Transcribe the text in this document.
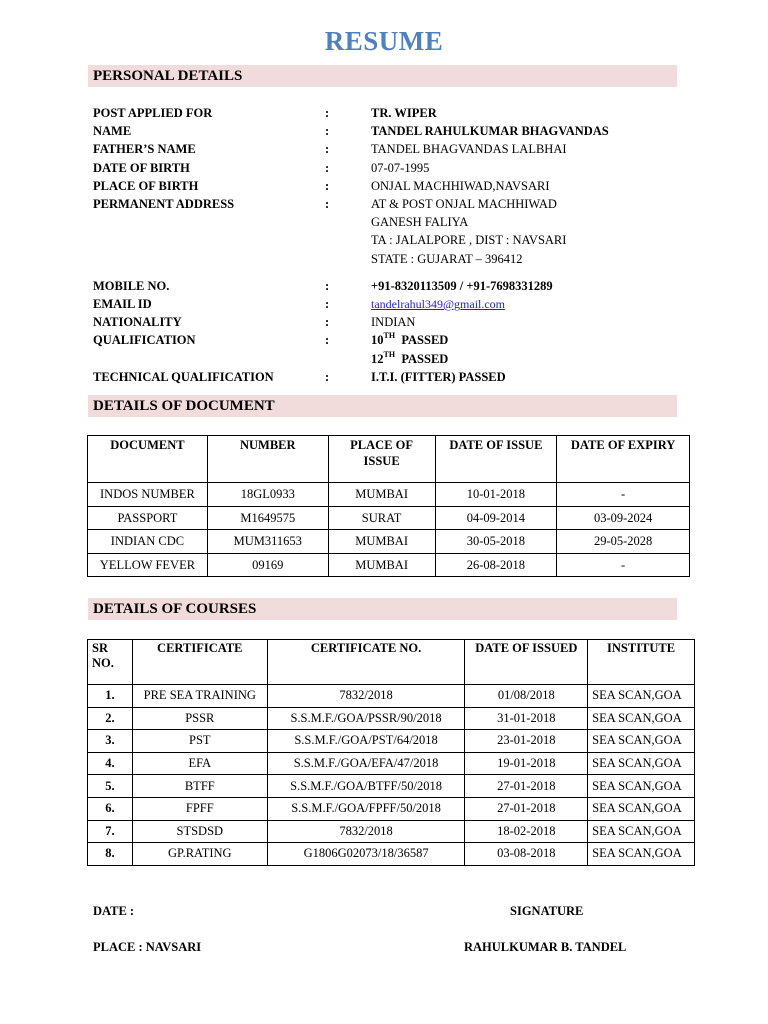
RESUME
PERSONAL DETAILS
POST APPLIED FOR	:	TR. WIPER
NAME	:	TANDEL RAHULKUMAR BHAGVANDAS
FATHER’S NAME	:	TANDEL BHAGVANDAS LALBHAI
DATE OF BIRTH	:	07-07-1995
PLACE OF BIRTH	:	ONJAL MACHHIWAD,NAVSARI
PERMANENT ADDRESS	:	AT & POST ONJAL MACHHIWAD
GANESH FALIYA
TA : JALALPORE , DIST : NAVSARI
STATE : GUJARAT – 396412
MOBILE NO.	:	+91-8320113509 / +91-7698331289
EMAIL ID	:	tandelrahul349@gmail.com
NATIONALITY	:	INDIAN
QUALIFICATION	:	10TH PASSED
12TH PASSED
TECHNICAL QUALIFICATION	:	I.T.I. (FITTER) PASSED
DETAILS OF DOCUMENT
DOCUMENT	NUMBER	PLACE OF ISSUE	DATE OF ISSUE	DATE OF EXPIRY
INDOS NUMBER	18GL0933	MUMBAI	10-01-2018	-
PASSPORT	M1649575	SURAT	04-09-2014	03-09-2024
INDIAN CDC	MUM311653	MUMBAI	30-05-2018	29-05-2028
YELLOW FEVER	09169	MUMBAI	26-08-2018	-
DETAILS OF COURSES
SR NO.	CERTIFICATE	CERTIFICATE NO.	DATE OF ISSUED	INSTITUTE
1.	PRE SEA TRAINING	7832/2018	01/08/2018	SEA SCAN,GOA
2.	PSSR	S.S.M.F./GOA/PSSR/90/2018	31-01-2018	SEA SCAN,GOA
3.	PST	S.S.M.F./GOA/PST/64/2018	23-01-2018	SEA SCAN,GOA
4.	EFA	S.S.M.F./GOA/EFA/47/2018	19-01-2018	SEA SCAN,GOA
5.	BTFF	S.S.M.F./GOA/BTFF/50/2018	27-01-2018	SEA SCAN,GOA
6.	FPFF	S.S.M.F./GOA/FPFF/50/2018	27-01-2018	SEA SCAN,GOA
7.	STSDSD	7832/2018	18-02-2018	SEA SCAN,GOA
8.	GP.RATING	G1806G02073/18/36587	03-08-2018	SEA SCAN,GOA
DATE :	SIGNATURE
PLACE : NAVSARI	RAHULKUMAR B. TANDEL
